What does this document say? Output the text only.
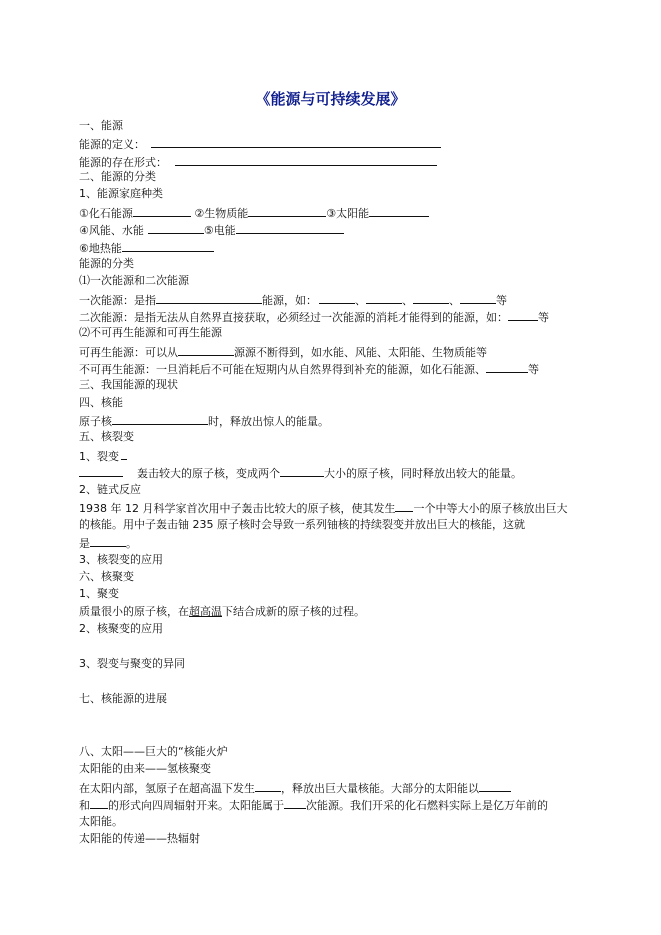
《能源与可持续发展》
一、能源
能源的定义：
能源的存在形式：
二、能源的分类
1、能源家庭种类
①化石能源	②生物质能	③太阳能
④风能、水能	⑤电能
⑥地热能
能源的分类
⑴一次能源和二次能源
一次能源：是指	能源，如：	、	、	、	等
二次能源：是指无法从自然界直接获取，必须经过一次能源的消耗才能得到的能源，如：	等
⑵不可再生能源和可再生能源
可再生能源：可以从	源源不断得到，如水能、风能、太阳能、生物质能等
不可再生能源：一旦消耗后不可能在短期内从自然界得到补充的能源，如化石能源、	等
三、我国能源的现状
四、核能
原子核	时，释放出惊人的能量。
五、核裂变
1、裂变
轰击较大的原子核，变成两个	大小的原子核，同时释放出较大的能量。
2、链式反应
1938 年 12 月科学家首次用中子轰击比较大的原子核，使其发生 一个中等大小的原子核放出巨大
的核能。用中子轰击铀 235 原子核时会导致一系列铀核的持续裂变并放出巨大的核能，这就
是	。
3、核裂变的应用
六、核聚变
1、聚变
质量很小的原子核，在超高温下结合成新的原子核的过程。
2、核聚变的应用
3、裂变与聚变的异同
七、核能源的进展
八、太阳——巨大的“核能火炉
太阳能的由来——氢核聚变
在太阳内部，氢原子在超高温下发生 ，释放出巨大量核能。大部分的太阳能以
和 的形式向四周辐射开来。太阳能属于 次能源。我们开采的化石燃料实际上是亿万年前的
太阳能。
太阳能的传递——热辐射
